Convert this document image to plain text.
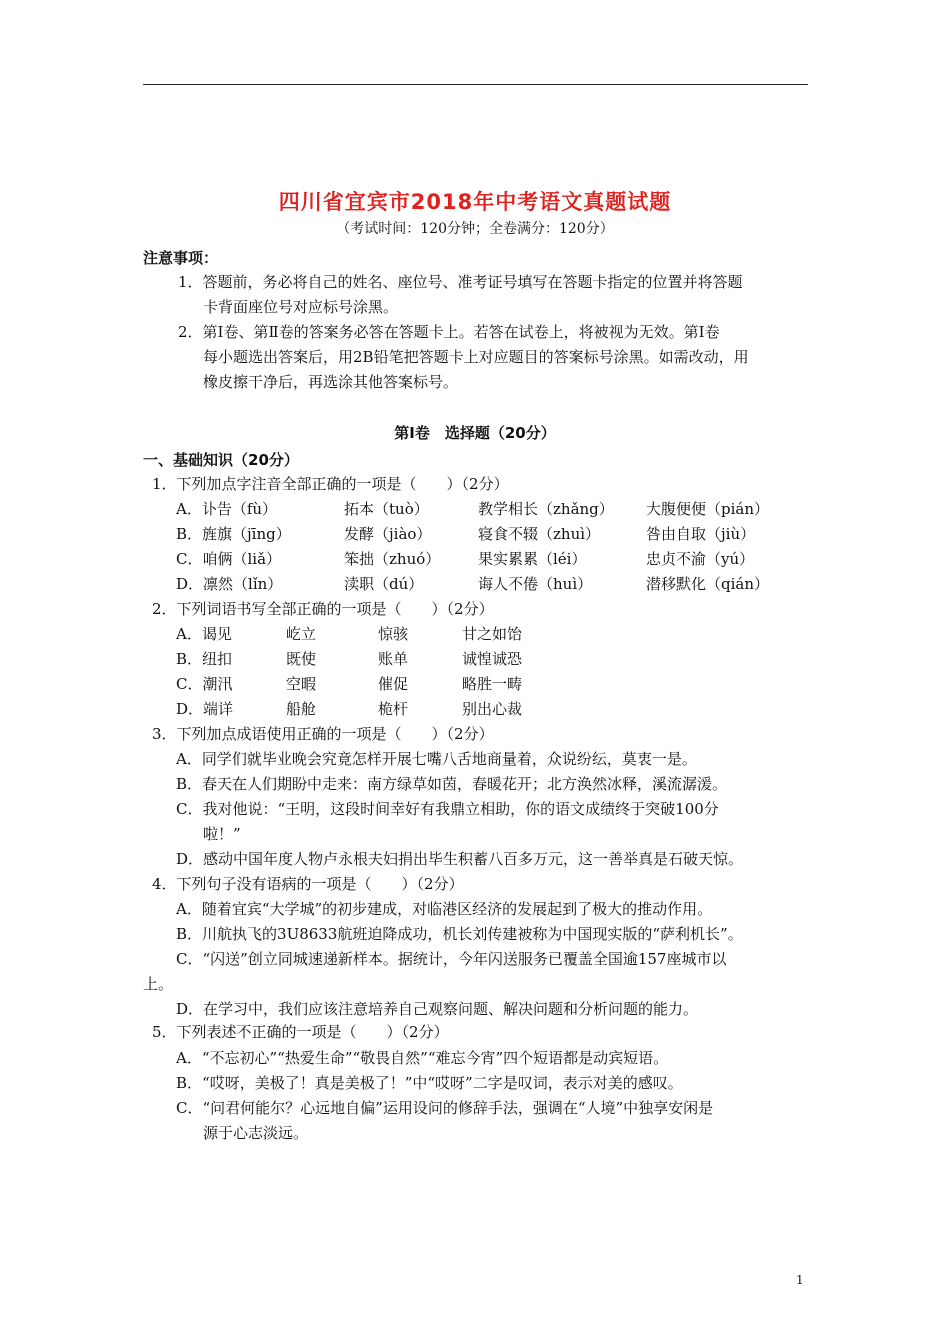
四川省宜宾市2018年中考语文真题试题
（考试时间：120分钟；全卷满分：120分）
注意事项：
1．答题前，务必将自己的姓名、座位号、准考证号填写在答题卡指定的位置并将答题
卡背面座位号对应标号涂黑。
2．第Ⅰ卷、第Ⅱ卷的答案务必答在答题卡上。若答在试卷上，将被视为无效。第Ⅰ卷
每小题选出答案后，用2B铅笔把答题卡上对应题目的答案标号涂黑。如需改动，用
橡皮擦干净后，再选涂其他答案标号。
第Ⅰ卷　选择题（20分）
一、基础知识（20分）
1．下列加点字注音全部正确的一项是（　　）（2分）
A．讣告（fù）	拓本（tuò）	教学相长（zhǎng） 大腹便便（pián）
B．旌旗（jīng）	发酵（jiào）	寝食不辍（zhuì）	咎由自取（jiù）
C．咱俩（liǎ）	笨拙（zhuó）	果实累累（léi）	忠贞不渝（yú）
D．凛然（lǐn）	渎职（dú）	诲人不倦（huì）	潜移默化（qián）
2．下列词语书写全部正确的一项是（　　）（2分）
A．谒见	屹立	惊骇	甘之如饴
B．纽扣	既使	账单	诚惶诚恐
C．潮汛	空暇	催促	略胜一畴
D．端详	船舱	桅杆	别出心裁
3．下列加点成语使用正确的一项是（　　）（2分）
A．同学们就毕业晚会究竟怎样开展七嘴八舌地商量着，众说纷纭，莫衷一是。
B．春天在人们期盼中走来：南方绿草如茵，春暖花开；北方涣然冰释，溪流潺湲。
C．我对他说：“王明，这段时间幸好有我鼎立相助，你的语文成绩终于突破100分
啦！”
D．感动中国年度人物卢永根夫妇捐出毕生积蓄八百多万元，这一善举真是石破天惊。
4．下列句子没有语病的一项是（　　）（2分）
A．随着宜宾“大学城”的初步建成，对临港区经济的发展起到了极大的推动作用。
B．川航执飞的3U8633航班迫降成功，机长刘传建被称为中国现实版的“萨利机长”。
C．“闪送”创立同城速递新样本。据统计，今年闪送服务已覆盖全国逾157座城市以
上。
D．在学习中，我们应该注意培养自己观察问题、解决问题和分析问题的能力。
5．下列表述不正确的一项是（　　）（2分）
A．“不忘初心”“热爱生命”“敬畏自然”“难忘今宵”四个短语都是动宾短语。
B．“哎呀，美极了！真是美极了！”中“哎呀”二字是叹词，表示对美的感叹。
C．“问君何能尔？心远地自偏”运用设问的修辞手法，强调在“人境”中独享安闲是
源于心志淡远。
1
